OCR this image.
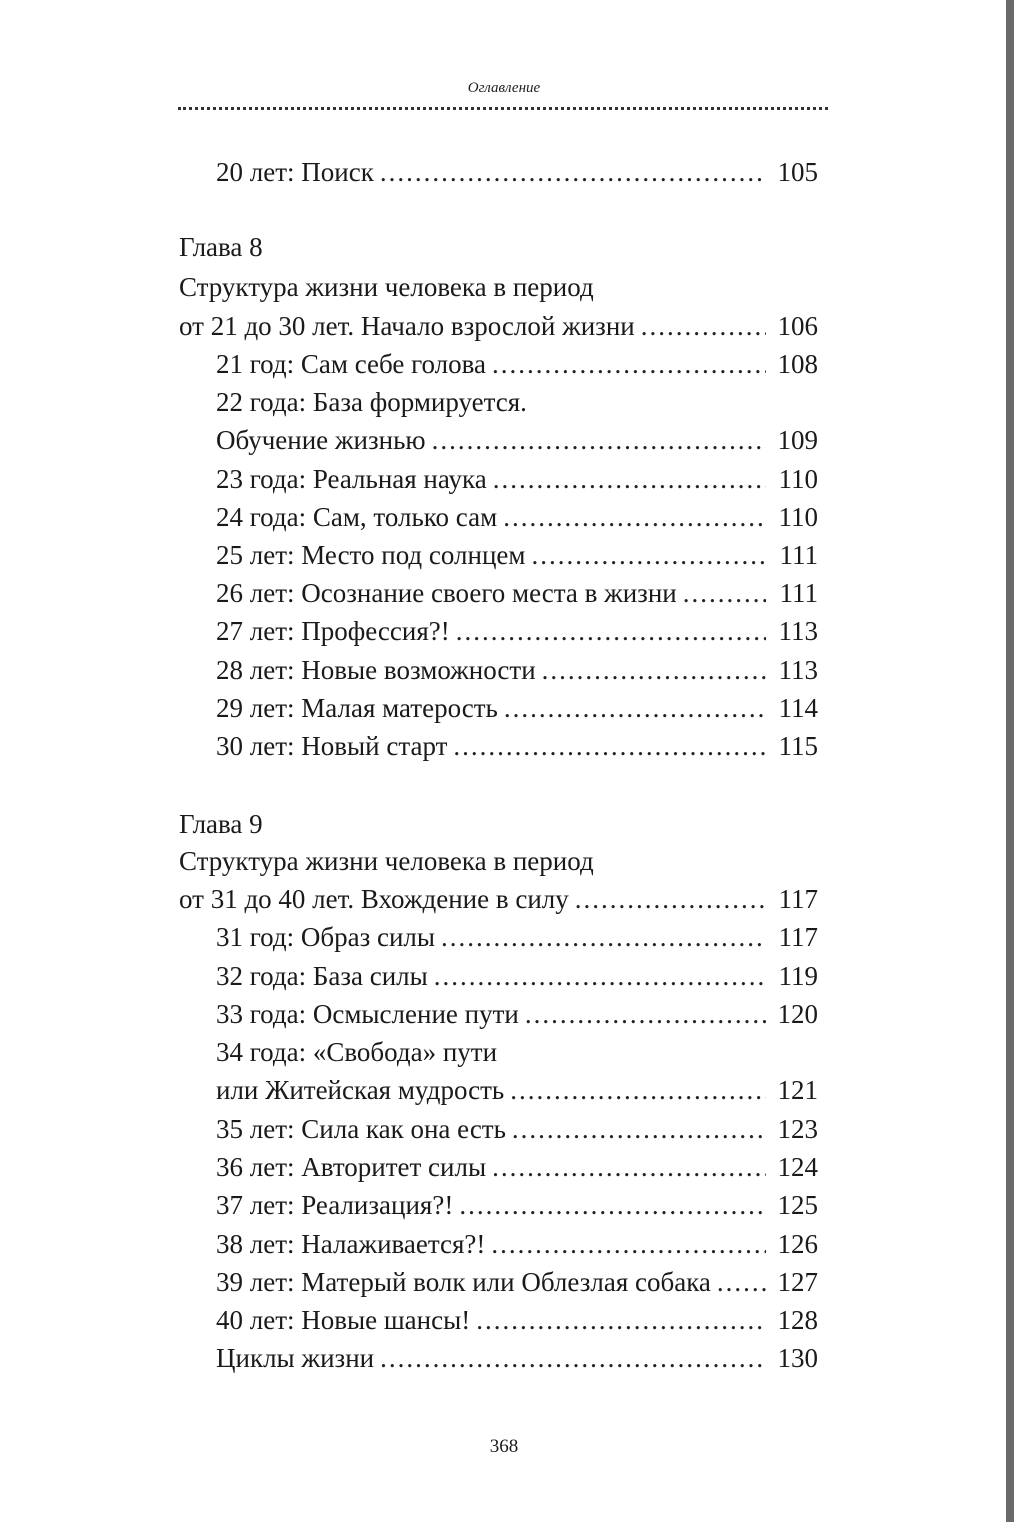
Оглавление
20 лет: Поиск .....	105
Глава 8
Структура жизни человека в период
от 21 до 30 лет. Начало взрослой жизни .....	106
21 год: Сам себе голова .....	108
22 года: База формируется.
Обучение жизнью .....	109
23 года: Реальная наука .....	110
24 года: Сам, только сам .....	110
25 лет: Место под солнцем .....	111
26 лет: Осознание своего места в жизни .....	111
27 лет: Профессия?! .....	113
28 лет: Новые возможности .....	113
29 лет: Малая матерость .....	114
30 лет: Новый старт .....	115
Глава 9
Структура жизни человека в период
от 31 до 40 лет. Вхождение в силу .....	117
31 год: Образ силы .....	117
32 года: База силы .....	119
33 года: Осмысление пути .....	120
34 года: «Свобода» пути
или Житейская мудрость .....	121
35 лет: Сила как она есть .....	123
36 лет: Авторитет силы .....	124
37 лет: Реализация?! .....	125
38 лет: Налаживается?! .....	126
39 лет: Матерый волк или Облезлая собака ..... 127
40 лет: Новые шансы! .....	128
Циклы жизни .....	130
368
